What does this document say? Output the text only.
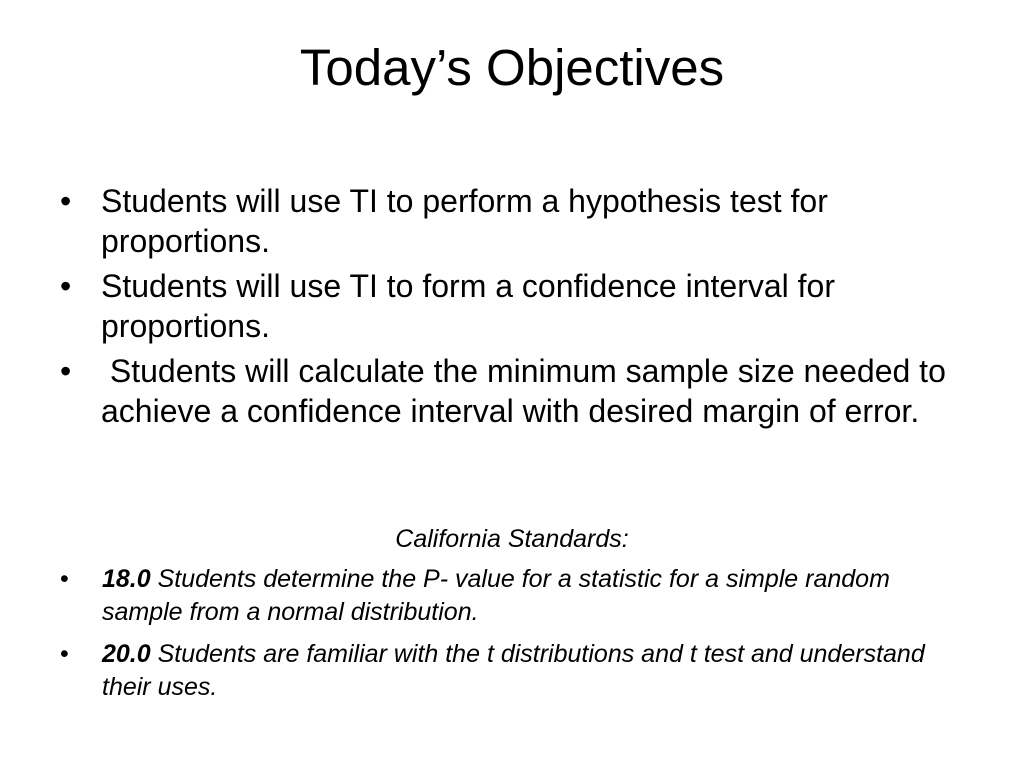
Today’s Objectives
• Students will use TI to perform a hypothesis test for proportions.
• Students will use TI to form a confidence interval for proportions.
• Students will calculate the minimum sample size needed to achieve a confidence interval with desired margin of error.

California Standards:

• 18.0 Students determine the P- value for a statistic for a simple random sample from a normal distribution.
• 20.0 Students are familiar with the t distributions and t test and understand their uses.
